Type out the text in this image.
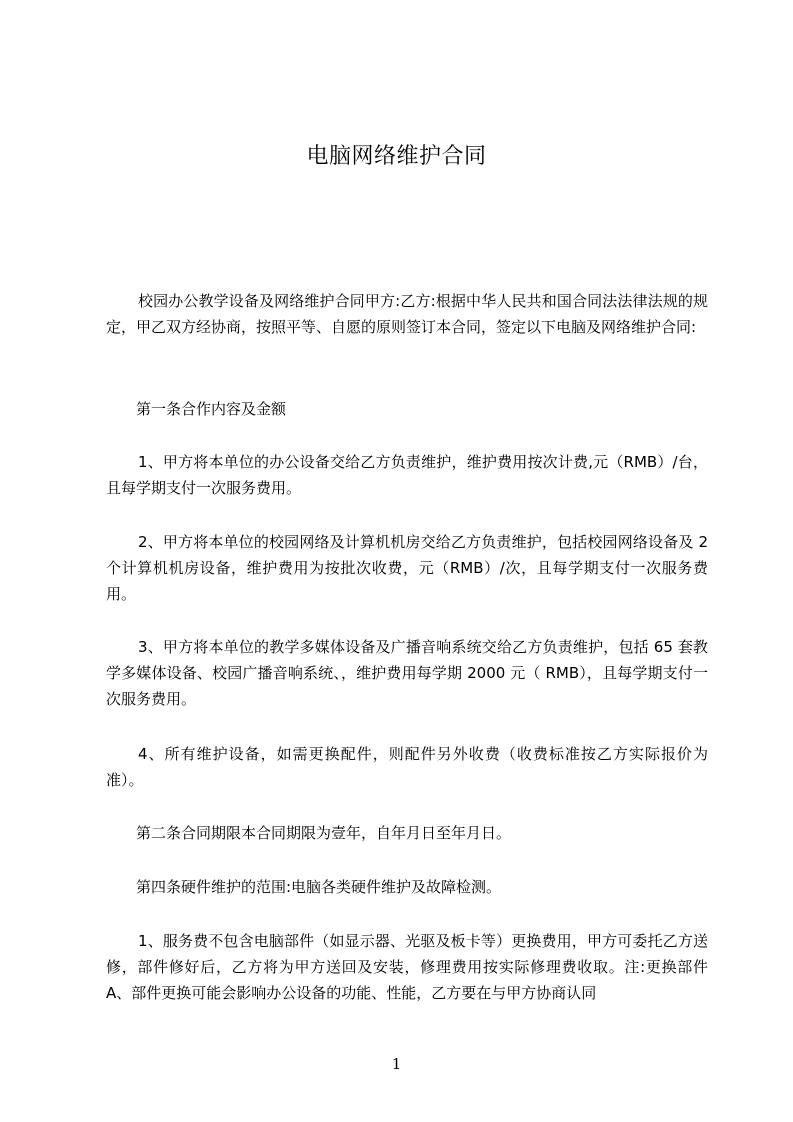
电脑网络维护合同

校园办公教学设备及网络维护合同甲方:乙方:根据中华人民共和国合同法法律法规的规定，甲乙双方经协商，按照平等、自愿的原则签订本合同，签定以下电脑及网络维护合同:

第一条合作内容及金额

1、甲方将本单位的办公设备交给乙方负责维护，维护费用按次计费,元（RMB）/台，且每学期支付一次服务费用。

2、甲方将本单位的校园网络及计算机机房交给乙方负责维护，包括校园网络设备及 2 个计算机机房设备，维护费用为按批次收费，元（RMB）/次，且每学期支付一次服务费用。

3、甲方将本单位的教学多媒体设备及广播音响系统交给乙方负责维护，包括 65 套教学多媒体设备、校园广播音响系统、，维护费用每学期 2000 元（ RMB），且每学期支付一次服务费用。

4、所有维护设备，如需更换配件，则配件另外收费（收费标准按乙方实际报价为准）。

第二条合同期限本合同期限为壹年，自年月日至年月日。

第四条硬件维护的范围:电脑各类硬件维护及故障检测。

1、服务费不包含电脑部件（如显示器、光驱及板卡等）更换费用，甲方可委托乙方送修，部件修好后，乙方将为甲方送回及安装，修理费用按实际修理费收取。注:更换部件 A、部件更换可能会影响办公设备的功能、性能，乙方要在与甲方协商认同

1
